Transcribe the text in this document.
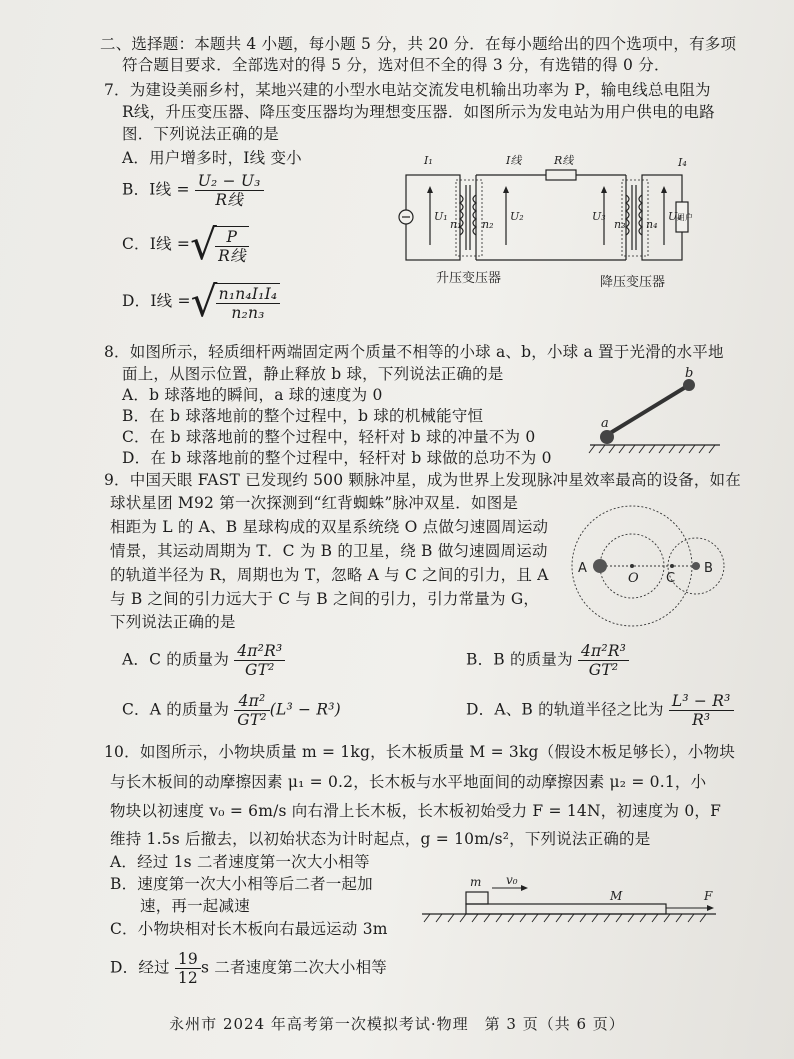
二、选择题：本题共 4 小题，每小题 5 分，共 20 分．在每小题给出的四个选项中，有多项
符合题目要求．全部选对的得 5 分，选对但不全的得 3 分，有选错的得 0 分．
7．为建设美丽乡村，某地兴建的小型水电站交流发电机输出功率为 P，输电线总电阻为
R线，升压变压器、降压变压器均为理想变压器．如图所示为发电站为用户供电的电路
图．下列说法正确的是
A．用户增多时，I线 变小
B．I线 = $\frac{\text{U₂ − U₃}}{\text{R线}}$
C．I线 =√
$\frac{P}{\text{R线}}$
D．I线 =√
$\frac{\text{n₁n₄I₁I₄}}{\text{n₂n₃}}$
I₁	I线	R线	I₄
U₁
n₁ n₂
U₂	U₃
n₃ n₄
U₄
用户
升压变压器	降压变压器
8．如图所示，轻质细杆两端固定两个质量不相等的小球 a、b，小球 a 置于光滑的水平地
面上，从图示位置，静止释放 b 球，下列说法正确的是
A．b 球落地的瞬间，a 球的速度为 0
B．在 b 球落地前的整个过程中，b 球的机械能守恒
C．在 b 球落地前的整个过程中，轻杆对 b 球的冲量不为 0
D．在 b 球落地前的整个过程中，轻杆对 b 球做的总功不为 0
b
a
9．中国天眼 FAST 已发现约 500 颗脉冲星，成为世界上发现脉冲星效率最高的设备，如在
球状星团 M92 第一次探测到“红背蜘蛛”脉冲双星．如图是
相距为 L 的 A、B 星球构成的双星系统绕 O 点做匀速圆周运动
情景，其运动周期为 T．C 为 B 的卫星，绕 B 做匀速圆周运动
的轨道半径为 R，周期也为 T，忽略 A 与 C 之间的引力，且 A
与 B 之间的引力远大于 C 与 B 之间的引力，引力常量为 G，
下列说法正确的是
A
O C
B
A．C 的质量为 $\frac{\text{4π²R³}}{\text{GT²}}$	B．B 的质量为 $\frac{\text{4π²R³}}{\text{GT²}}$
C．A 的质量为 $\frac{\text{4π²}}{\text{GT²}} (L^3 - R^3)$	D．A、B 的轨道半径之比为 $\frac{\text{L³ − R³}}{\text{R³}}$
10．如图所示，小物块质量 m = 1kg，长木板质量 M = 3kg（假设木板足够长），小物块
与长木板间的动摩擦因素 μ₁ = 0.2，长木板与水平地面间的动摩擦因素 μ₂ = 0.1，小
物块以初速度 v₀ = 6m/s 向右滑上长木板，长木板初始受力 F = 14N，初速度为 0，F
维持 1.5s 后撤去，以初始状态为计时起点，g = 10m/s²，下列说法正确的是
A．经过 1s 二者速度第一次大小相等
B．速度第一次大小相等后二者一起加
速，再一起减速
C．小物块相对长木板向右最远运动 3m
D．经过 $\frac{19}{12}$ s 二者速度第二次大小相等
m v₀
M	F
永州市 2024 年高考第一次模拟考试·物理　第 3 页（共 6 页）
